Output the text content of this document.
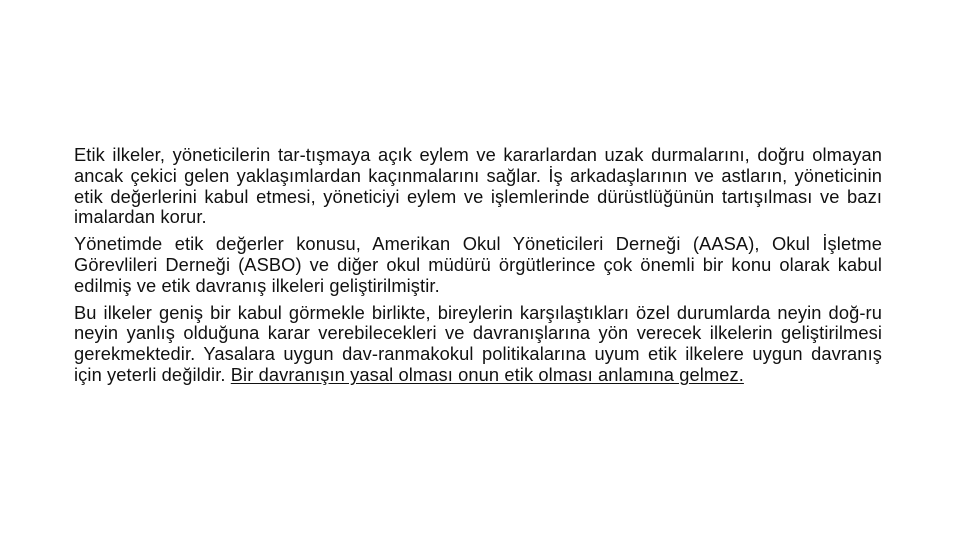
Etik ilkeler, yöneticilerin tar-tışmaya açık eylem ve kararlardan uzak durmalarını, doğru olmayan ancak çekici gelen yaklaşımlardan kaçınmalarını sağlar. İş arkadaşlarının ve astların, yöneticinin etik değerlerini kabul etmesi, yöneticiyi eylem ve işlemlerinde dürüstlüğünün tartışılması ve bazı imalardan korur.

Yönetimde etik değerler konusu, Amerikan Okul Yöneticileri Derneği (AASA), Okul İşletme Görevlileri Derneği (ASBO) ve diğer okul müdürü örgütlerince çok önemli bir konu olarak kabul edilmiş ve etik davranış ilkeleri geliştirilmiştir.

Bu ilkeler geniş bir kabul görmekle birlikte, bireylerin karşılaştıkları özel durumlarda neyin doğ-ru neyin yanlış olduğuna karar verebilecekleri ve davranışlarına yön verecek ilkelerin geliştirilmesi gerekmektedir. Yasalara uygun dav-ranmakokul politikalarına uyum etik ilkelere uygun davranış için yeterli değildir. Bir davranışın yasal olması onun etik olması anlamına gelmez.
